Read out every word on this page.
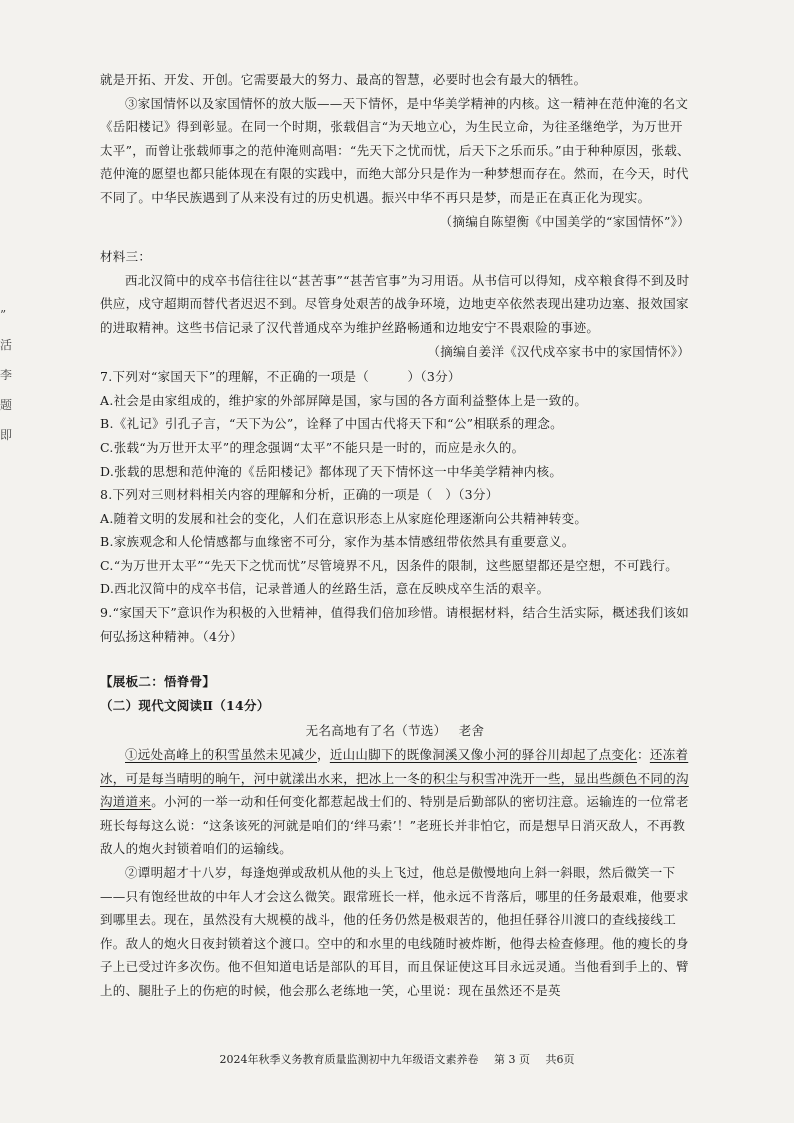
”
活
李
题
即

就是开拓、开发、开创。它需要最大的努力、最高的智慧，必要时也会有最大的牺牲。

③家国情怀以及家国情怀的放大版——天下情怀，是中华美学精神的内核。这一精神在范仲淹的名文《岳阳楼记》得到彰显。在同一个时期，张载倡言“为天地立心，为生民立命，为往圣继绝学，为万世开太平”，而曾让张载师事之的范仲淹则高唱：“先天下之忧而忧，后天下之乐而乐。”由于种种原因，张载、范仲淹的愿望也都只能体现在有限的实践中，而绝大部分只是作为一种梦想而存在。然而，在今天，时代不同了。中华民族遇到了从来没有过的历史机遇。振兴中华不再只是梦，而是正在真正化为现实。

（摘编自陈望衡《中国美学的“家国情怀”》）

材料三：

西北汉简中的戍卒书信往往以“甚苦事”“甚苦官事”为习用语。从书信可以得知，戍卒粮食得不到及时供应，戍守超期而替代者迟迟不到。尽管身处艰苦的战争环境，边地吏卒依然表现出建功边塞、报效国家的进取精神。这些书信记录了汉代普通戍卒为维护丝路畅通和边地安宁不畏艰险的事迹。

（摘编自姜洋《汉代戍卒家书中的家国情怀》）

7.下列对“家国天下”的理解，不正确的一项是（　　　）（3分）

A.社会是由家组成的，维护家的外部屏障是国，家与国的各方面利益整体上是一致的。

B.《礼记》引孔子言，“天下为公”，诠释了中国古代将天下和“公”相联系的理念。

C.张载“为万世开太平”的理念强调“太平”不能只是一时的，而应是永久的。

D.张载的思想和范仲淹的《岳阳楼记》都体现了天下情怀这一中华美学精神内核。

8.下列对三则材料相关内容的理解和分析，正确的一项是（　）（3分）

A.随着文明的发展和社会的变化，人们在意识形态上从家庭伦理逐渐向公共精神转变。

B.家族观念和人伦情感都与血缘密不可分，家作为基本情感纽带依然具有重要意义。

C.“为万世开太平”“先天下之忧而忧”尽管境界不凡，因条件的限制，这些愿望都还是空想，不可践行。

D.西北汉简中的戍卒书信，记录普通人的丝路生活，意在反映戍卒生活的艰辛。

9.“家国天下”意识作为积极的入世精神，值得我们倍加珍惜。请根据材料，结合生活实际，概述我们该如何弘扬这种精神。（4分）

【展板二：悟脊骨】

（二）现代文阅读Ⅱ（14分）

无名高地有了名（节选） 老舍

①远处高峰上的积雪虽然未见减少，近山山脚下的既像洞溪又像小河的驿谷川却起了点变化：还冻着冰，可是每当晴明的晌午，河中就漾出水来，把冰上一冬的积尘与积雪冲洗开一些，显出些颜色不同的沟沟道道来。小河的一举一动和任何变化都惹起战士们的、特别是后勤部队的密切注意。运输连的一位常老班长每每这么说：“这条该死的河就是咱们的‘绊马索’！”老班长并非怕它，而是想早日消灭敌人，不再教敌人的炮火封锁着咱们的运输线。

②谭明超才十八岁，每逢炮弹或敌机从他的头上飞过，他总是傲慢地向上斜一斜眼，然后微笑一下——只有饱经世故的中年人才会这么微笑。跟常班长一样，他永远不肯落后，哪里的任务最艰难，他要求到哪里去。现在，虽然没有大规模的战斗，他的任务仍然是极艰苦的，他担任驿谷川渡口的查线接线工作。敌人的炮火日夜封锁着这个渡口。空中的和水里的电线随时被炸断，他得去检查修理。他的瘦长的身子上已受过许多次伤。他不但知道电话是部队的耳目，而且保证使这耳目永远灵通。当他看到手上的、臂上的、腿肚子上的伤疤的时候，他会那么老练地一笑，心里说：现在虽然还不是英

2024年秋季义务教育质量监测初中九年级语文素养卷 第 3 页 共6页
